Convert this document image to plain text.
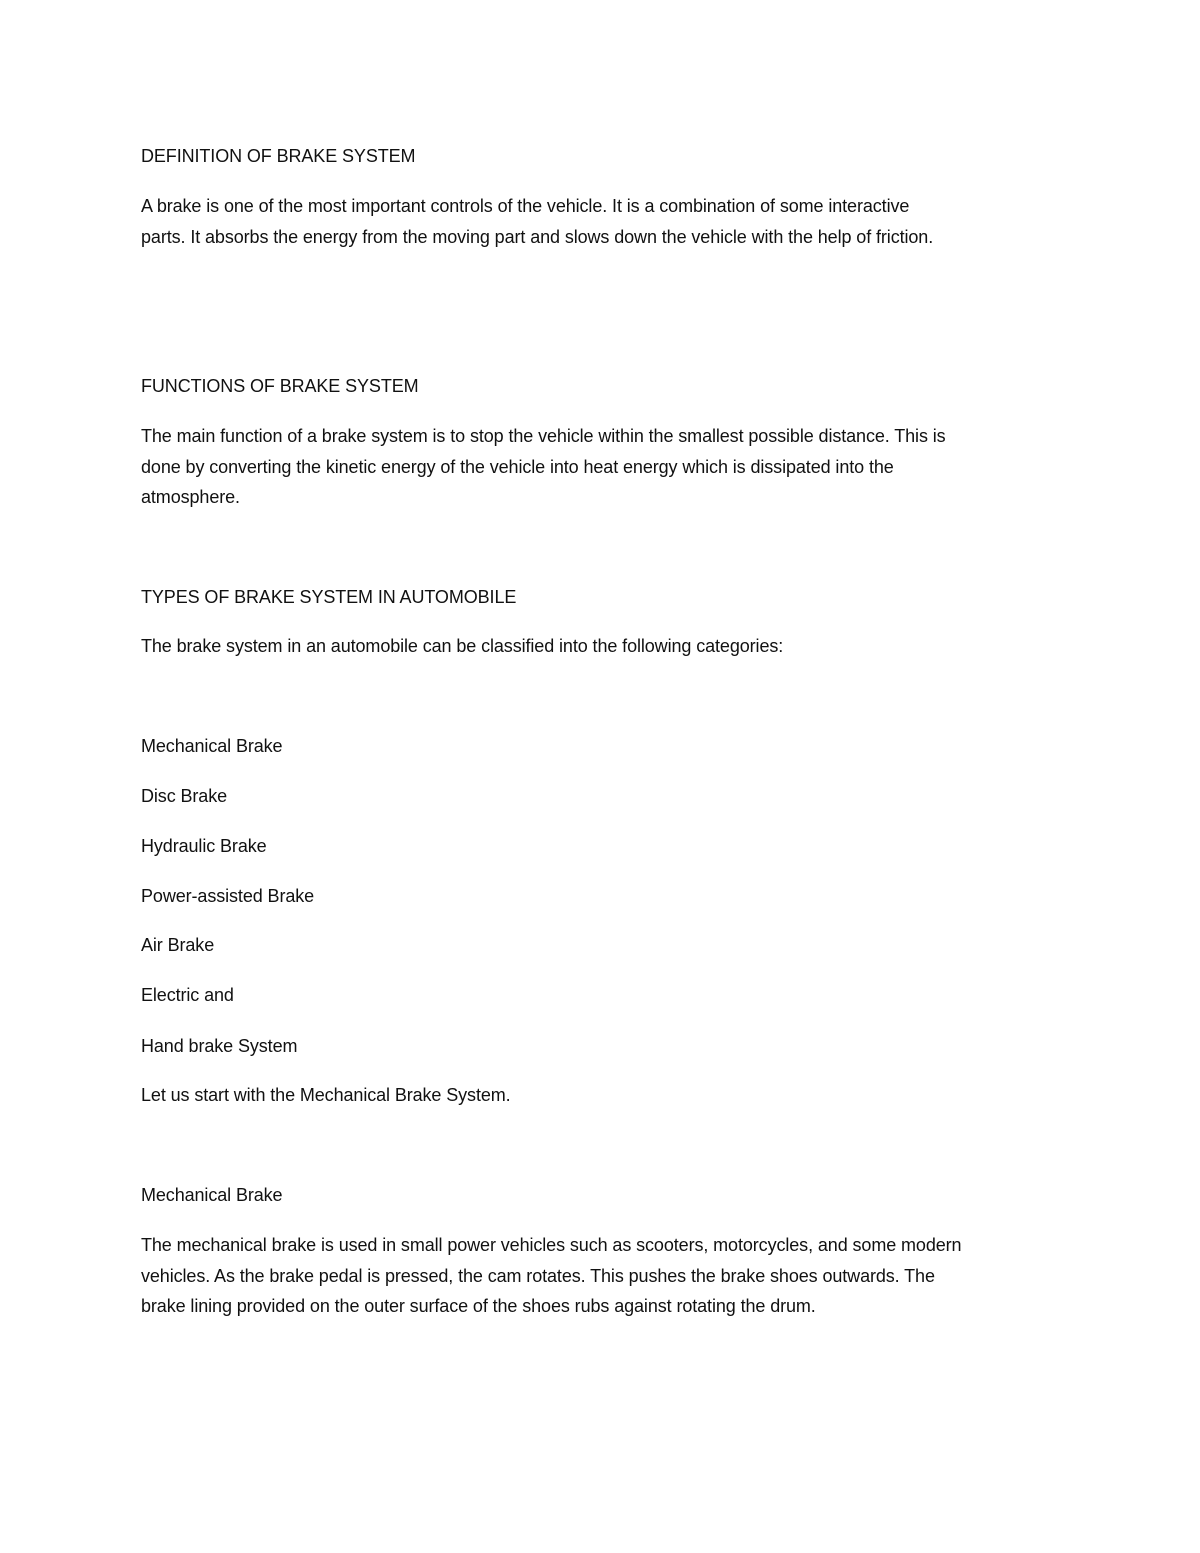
DEFINITION OF BRAKE SYSTEM
A brake is one of the most important controls of the vehicle. It is a combination of some interactive
parts. It absorbs the energy from the moving part and slows down the vehicle with the help of friction.
FUNCTIONS OF BRAKE SYSTEM
The main function of a brake system is to stop the vehicle within the smallest possible distance. This is
done by converting the kinetic energy of the vehicle into heat energy which is dissipated into the
atmosphere.
TYPES OF BRAKE SYSTEM IN AUTOMOBILE
The brake system in an automobile can be classified into the following categories:
Mechanical Brake
Disc Brake
Hydraulic Brake
Power-assisted Brake
Air Brake
Electric and
Hand brake System
Let us start with the Mechanical Brake System.
Mechanical Brake
The mechanical brake is used in small power vehicles such as scooters, motorcycles, and some modern
vehicles. As the brake pedal is pressed, the cam rotates. This pushes the brake shoes outwards. The
brake lining provided on the outer surface of the shoes rubs against rotating the drum.
